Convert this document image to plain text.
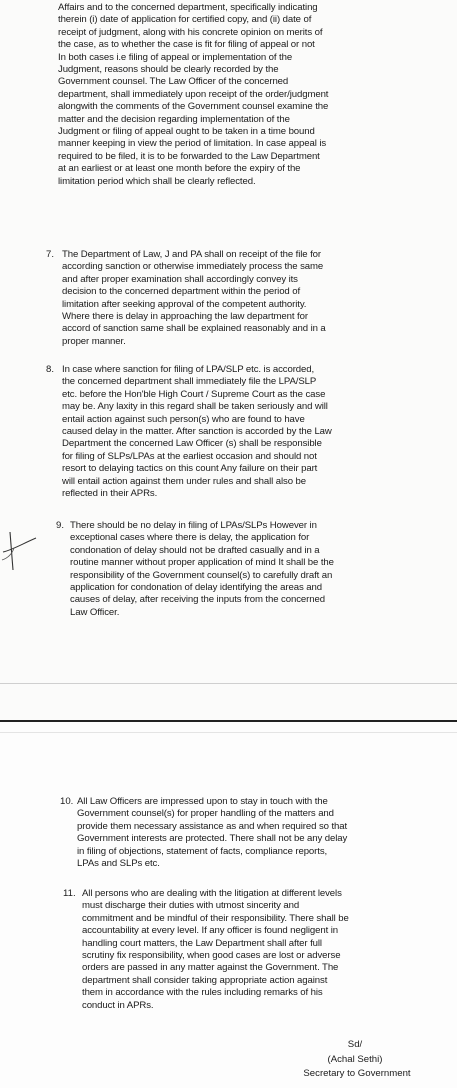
Affairs and to the concerned department, specifically indicating
therein (i) date of application for certified copy, and (ii) date of
receipt of judgment, along with his concrete opinion on merits of
the case, as to whether the case is fit for filing of appeal or not
In both cases i.e filing of appeal or implementation of the
Judgment, reasons should be clearly recorded by the
Government counsel. The Law Officer of the concerned
department, shall immediately upon receipt of the order/judgment
alongwith the comments of the Government counsel examine the
matter and the decision regarding implementation of the
Judgment or filing of appeal ought to be taken in a time bound
manner keeping in view the period of limitation. In case appeal is
required to be filed, it is to be forwarded to the Law Department
at an earliest or at least one month before the expiry of the
limitation period which shall be clearly reflected.
7. The Department of Law, J and PA shall on receipt of the file for
according sanction or otherwise immediately process the same
and after proper examination shall accordingly convey its
decision to the concerned department within the period of
limitation after seeking approval of the competent authority.
Where there is delay in approaching the law department for
accord of sanction same shall be explained reasonably and in a
proper manner.
8. In case where sanction for filing of LPA/SLP etc. is accorded,
the concerned department shall immediately file the LPA/SLP
etc. before the Hon'ble High Court / Supreme Court as the case
may be. Any laxity in this regard shall be taken seriously and will
entail action against such person(s) who are found to have
caused delay in the matter. After sanction is accorded by the Law
Department the concerned Law Officer (s) shall be responsible
for filing of SLPs/LPAs at the earliest occasion and should not
resort to delaying tactics on this count Any failure on their part
will entail action against them under rules and shall also be
reflected in their APRs.
9. There should be no delay in filing of LPAs/SLPs However in
exceptional cases where there is delay, the application for
condonation of delay should not be drafted casually and in a
routine manner without proper application of mind It shall be the
responsibility of the Government counsel(s) to carefully draft an
application for condonation of delay identifying the areas and
causes of delay, after receiving the inputs from the concerned
Law Officer.
10. All Law Officers are impressed upon to stay in touch with the
Government counsel(s) for proper handling of the matters and
provide them necessary assistance as and when required so that
Government interests are protected. There shall not be any delay
in filing of objections, statement of facts, compliance reports,
LPAs and SLPs etc.
11. All persons who are dealing with the litigation at different levels
must discharge their duties with utmost sincerity and
commitment and be mindful of their responsibility. There shall be
accountability at every level. If any officer is found negligent in
handling court matters, the Law Department shall after full
scrutiny fix responsibility, when good cases are lost or adverse
orders are passed in any matter against the Government. The
department shall consider taking appropriate action against
them in accordance with the rules including remarks of his
conduct in APRs.
Sd/
(Achal Sethi)
Secretary to Government
